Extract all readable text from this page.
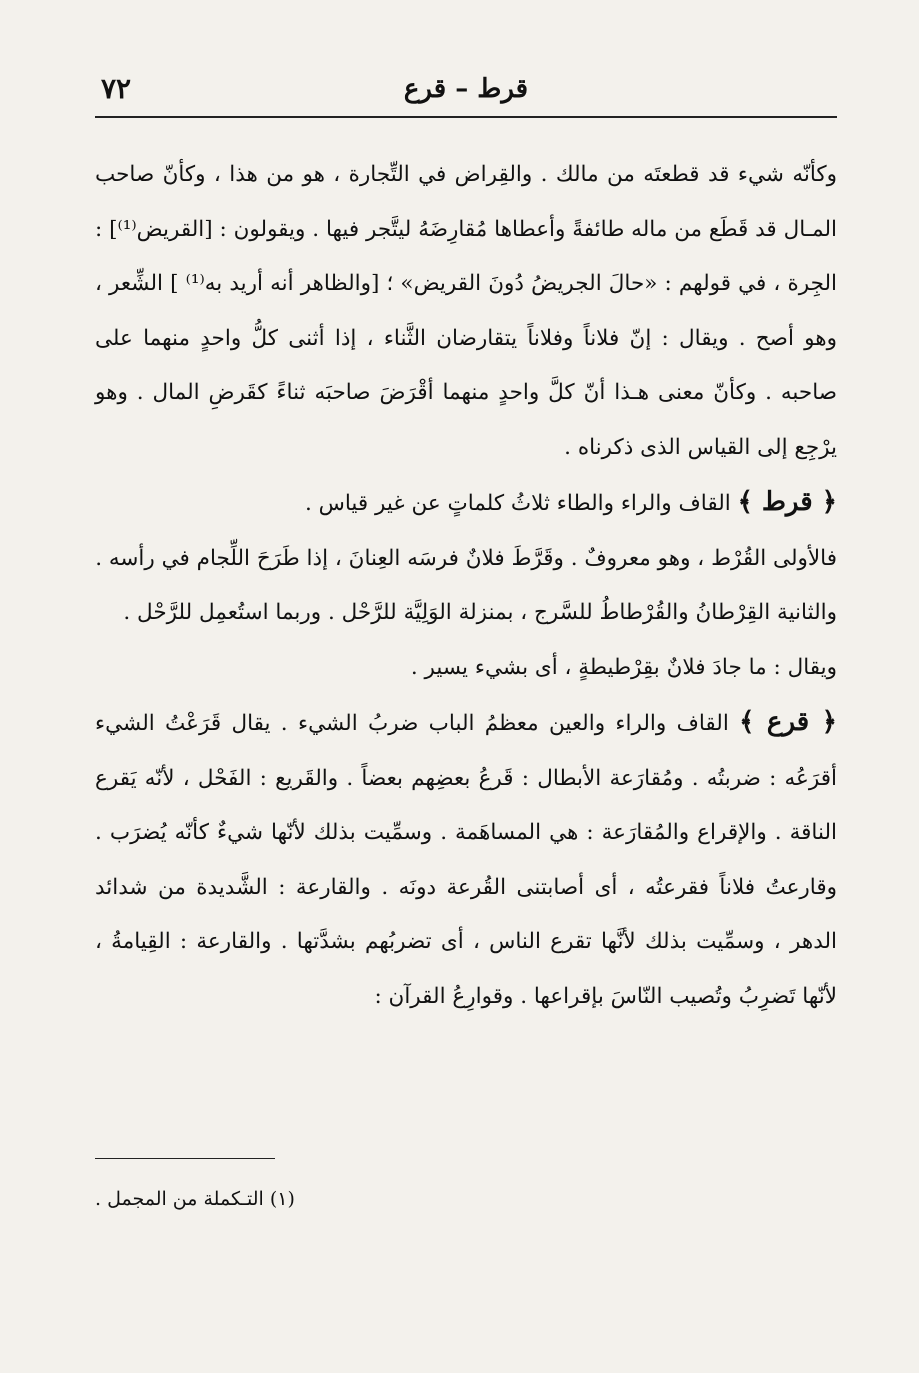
٧٢	قرط – قرع

وكأنّه شيء قد قطعتَه من مالك . والقِراض في التِّجارة ، هو من هذا ، وكأنّ صاحب المـال قد قَطَع من ماله طائفةً وأعطاها مُقارِضَهُ ليتَّجر فيها . ويقولون : [القريض⁽¹⁾] : الجِرة ، في قولهم : «حالَ الجريضُ دُونَ القريض» ؛ [والظاهر أنه أريد به⁽¹⁾ ] الشِّعر ، وهو أصح . ويقال : إنّ فلاناً وفلاناً يتقارضان الثَّناء ، إذا أثنى كلُّ واحدٍ منهما على صاحبه . وكأنّ معنى هـذا أنّ كلَّ واحدٍ منهما أقْرَضَ صاحبَه ثناءً كقَرضِ المال . وهو يرْجِع إلى القياس الذى ذكرناه .

﴿ قرط ﴾ القاف والراء والطاء ثلاثُ كلماتٍ عن غير قياس .

فالأولى القُرْط ، وهو معروفٌ . وقَرَّطَ فلانٌ فرسَه العِنانَ ، إذا طَرَحَ اللِّجام في رأسه .

والثانية القِرْطانُ والقُرْطاطُ للسَّرج ، بمنزلة الوَلِيَّة للرَّحْل . وربما استُعمِل للرَّحْل .

ويقال : ما جادَ فلانٌ بقِرْطيطةٍ ، أى بشيء يسير .

﴿ قرع ﴾ القاف والراء والعين معظمُ الباب ضربُ الشيء . يقال قَرَعْتُ الشيء أقرَعُه : ضربتُه . ومُقارَعة الأبطال : قَرعُ بعضِهم بعضاً . والقَريع : الفَحْل ، لأنّه يَقرع الناقة . والإقراع والمُقارَعة : هي المساهَمة . وسمِّيت بذلك لأنّها شيءٌ كأنّه يُضرَب . وقارعتُ فلاناً فقرعتُه ، أى أصابتنى القُرعة دونَه . والقارعة : الشَّديدة من شدائد الدهر ، وسمِّيت بذلك لأنَّها تقرع الناس ، أى تضربُهم بشدَّتها . والقارعة : القِيامةُ ، لأنّها تَضرِبُ وتُصيب النّاسَ بإقراعها . وقوارِعُ القرآن :

(١) التـكملة من المجمل .
